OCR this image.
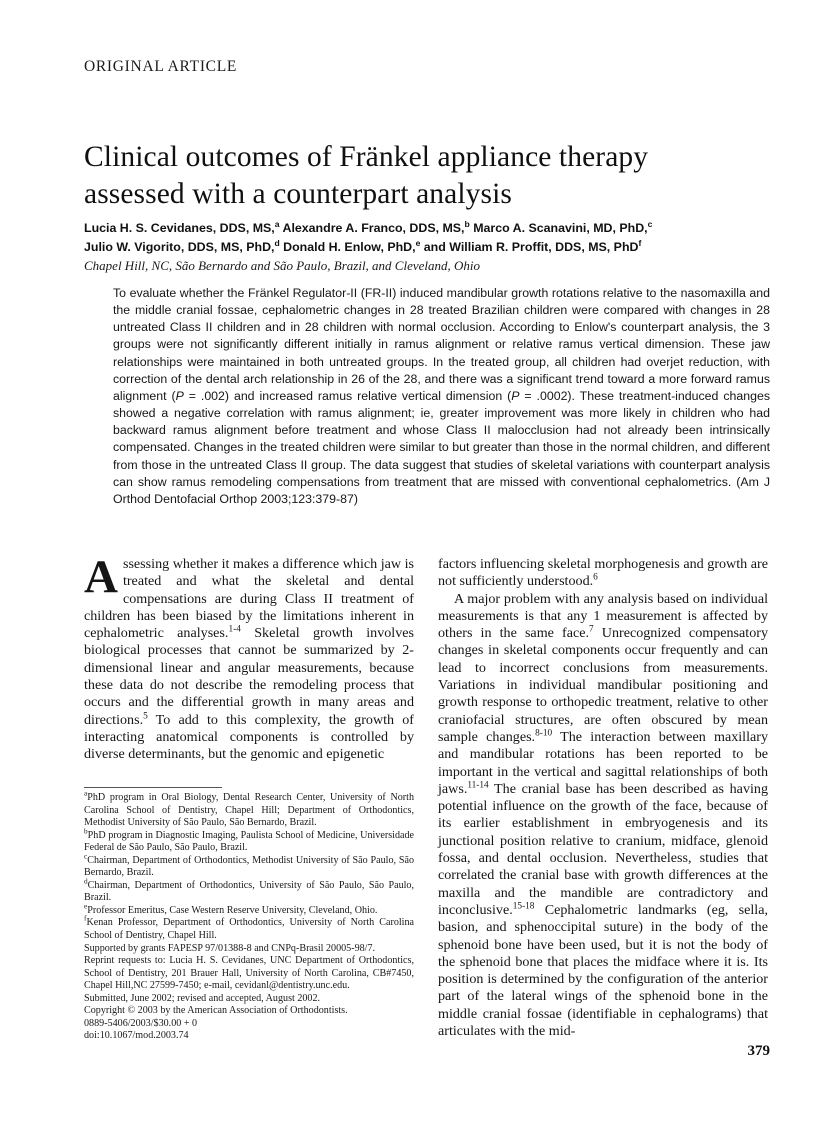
ORIGINAL ARTICLE
Clinical outcomes of Fränkel appliance therapy
assessed with a counterpart analysis
Lucia H. S. Cevidanes, DDS, MS,$^a$ Alexandre A. Franco, DDS, MS,$^b$ Marco A. Scanavini, MD, PhD,$^c$
Julio W. Vigorito, DDS, MS, PhD,$^d$ Donald H. Enlow, PhD,$^e$ and William R. Proffit, DDS, MS, PhD$^f$
Chapel Hill, NC, São Bernardo and São Paulo, Brazil, and Cleveland, Ohio
To evaluate whether the Fränkel Regulator-II (FR-II) induced mandibular growth rotations relative to the nasomaxilla and the middle cranial fossae, cephalometric changes in 28 treated Brazilian children were compared with changes in 28 untreated Class II children and in 28 children with normal occlusion. According to Enlow's counterpart analysis, the 3 groups were not significantly different initially in ramus alignment or relative ramus vertical dimension. These jaw relationships were maintained in both untreated groups. In the treated group, all children had overjet reduction, with correction of the dental arch relationship in 26 of the 28, and there was a significant trend toward a more forward ramus alignment (P = .002) and increased ramus relative vertical dimension (P = .0002). These treatment-induced changes showed a negative correlation with ramus alignment; ie, greater improvement was more likely in children who had backward ramus alignment before treatment and whose Class II malocclusion had not already been intrinsically compensated. Changes in the treated children were similar to but greater than those in the normal children, and different from those in the untreated Class II group. The data suggest that studies of skeletal variations with counterpart analysis can show ramus remodeling compensations from treatment that are missed with conventional cephalometrics. (Am J Orthod Dentofacial Orthop 2003;123:379-87)

Assessing whether it makes a difference which jaw is treated and what the skeletal and dental compensations are during Class II treatment of children has been biased by the limitations inherent in cephalometric analyses.$^{1-4}$ Skeletal growth involves biological processes that cannot be summarized by 2-dimensional linear and angular measurements, because these data do not describe the remodeling process that occurs and the differential growth in many areas and directions.$^5$ To add to this complexity, the growth of interacting anatomical components is controlled by diverse determinants, but the genomic and epigenetic

factors influencing skeletal morphogenesis and growth are not sufficiently understood.$^6$

A major problem with any analysis based on individual measurements is that any 1 measurement is affected by others in the same face.$^7$ Unrecognized compensatory changes in skeletal components occur frequently and can lead to incorrect conclusions from measurements. Variations in individual mandibular positioning and growth response to orthopedic treatment, relative to other craniofacial structures, are often obscured by mean sample changes.$^{8-10}$ The interaction between maxillary and mandibular rotations has been reported to be important in the vertical and sagittal relationships of both jaws.$^{11-14}$ The cranial base has been described as having potential influence on the growth of the face, because of its earlier establishment in embryogenesis and its junctional position relative to cranium, midface, glenoid fossa, and dental occlusion. Nevertheless, studies that correlated the cranial base with growth differences at the maxilla and the mandible are contradictory and inconclusive.$^{15-18}$ Cephalometric landmarks (eg, sella, basion, and sphenoccipital suture) in the body of the sphenoid bone have been used, but it is not the body of the sphenoid bone that places the midface where it is. Its position is determined by the configuration of the anterior part of the lateral wings of the sphenoid bone in the middle cranial fossae (identifiable in cephalograms) that articulates with the mid-

$^a$PhD program in Oral Biology, Dental Research Center, University of North Carolina School of Dentistry, Chapel Hill; Department of Orthodontics, Methodist University of São Paulo, São Bernardo, Brazil.

$^b$PhD program in Diagnostic Imaging, Paulista School of Medicine, Universidade Federal de São Paulo, São Paulo, Brazil.

$^c$Chairman, Department of Orthodontics, Methodist University of São Paulo, São Bernardo, Brazil.

$^d$Chairman, Department of Orthodontics, University of São Paulo, São Paulo, Brazil.

$^e$Professor Emeritus, Case Western Reserve University, Cleveland, Ohio.

$^f$Kenan Professor, Department of Orthodontics, University of North Carolina School of Dentistry, Chapel Hill.

Supported by grants FAPESP 97/01388-8 and CNPq-Brasil 20005-98/7.

Reprint requests to: Lucia H. S. Cevidanes, UNC Department of Orthodontics, School of Dentistry, 201 Brauer Hall, University of North Carolina, CB#7450, Chapel Hill,NC 27599-7450; e-mail, cevidanl@dentistry.unc.edu.

Submitted, June 2002; revised and accepted, August 2002.

Copyright © 2003 by the American Association of Orthodontists.

0889-5406/2003/$30.00 + 0

doi:10.1067/mod.2003.74

379
